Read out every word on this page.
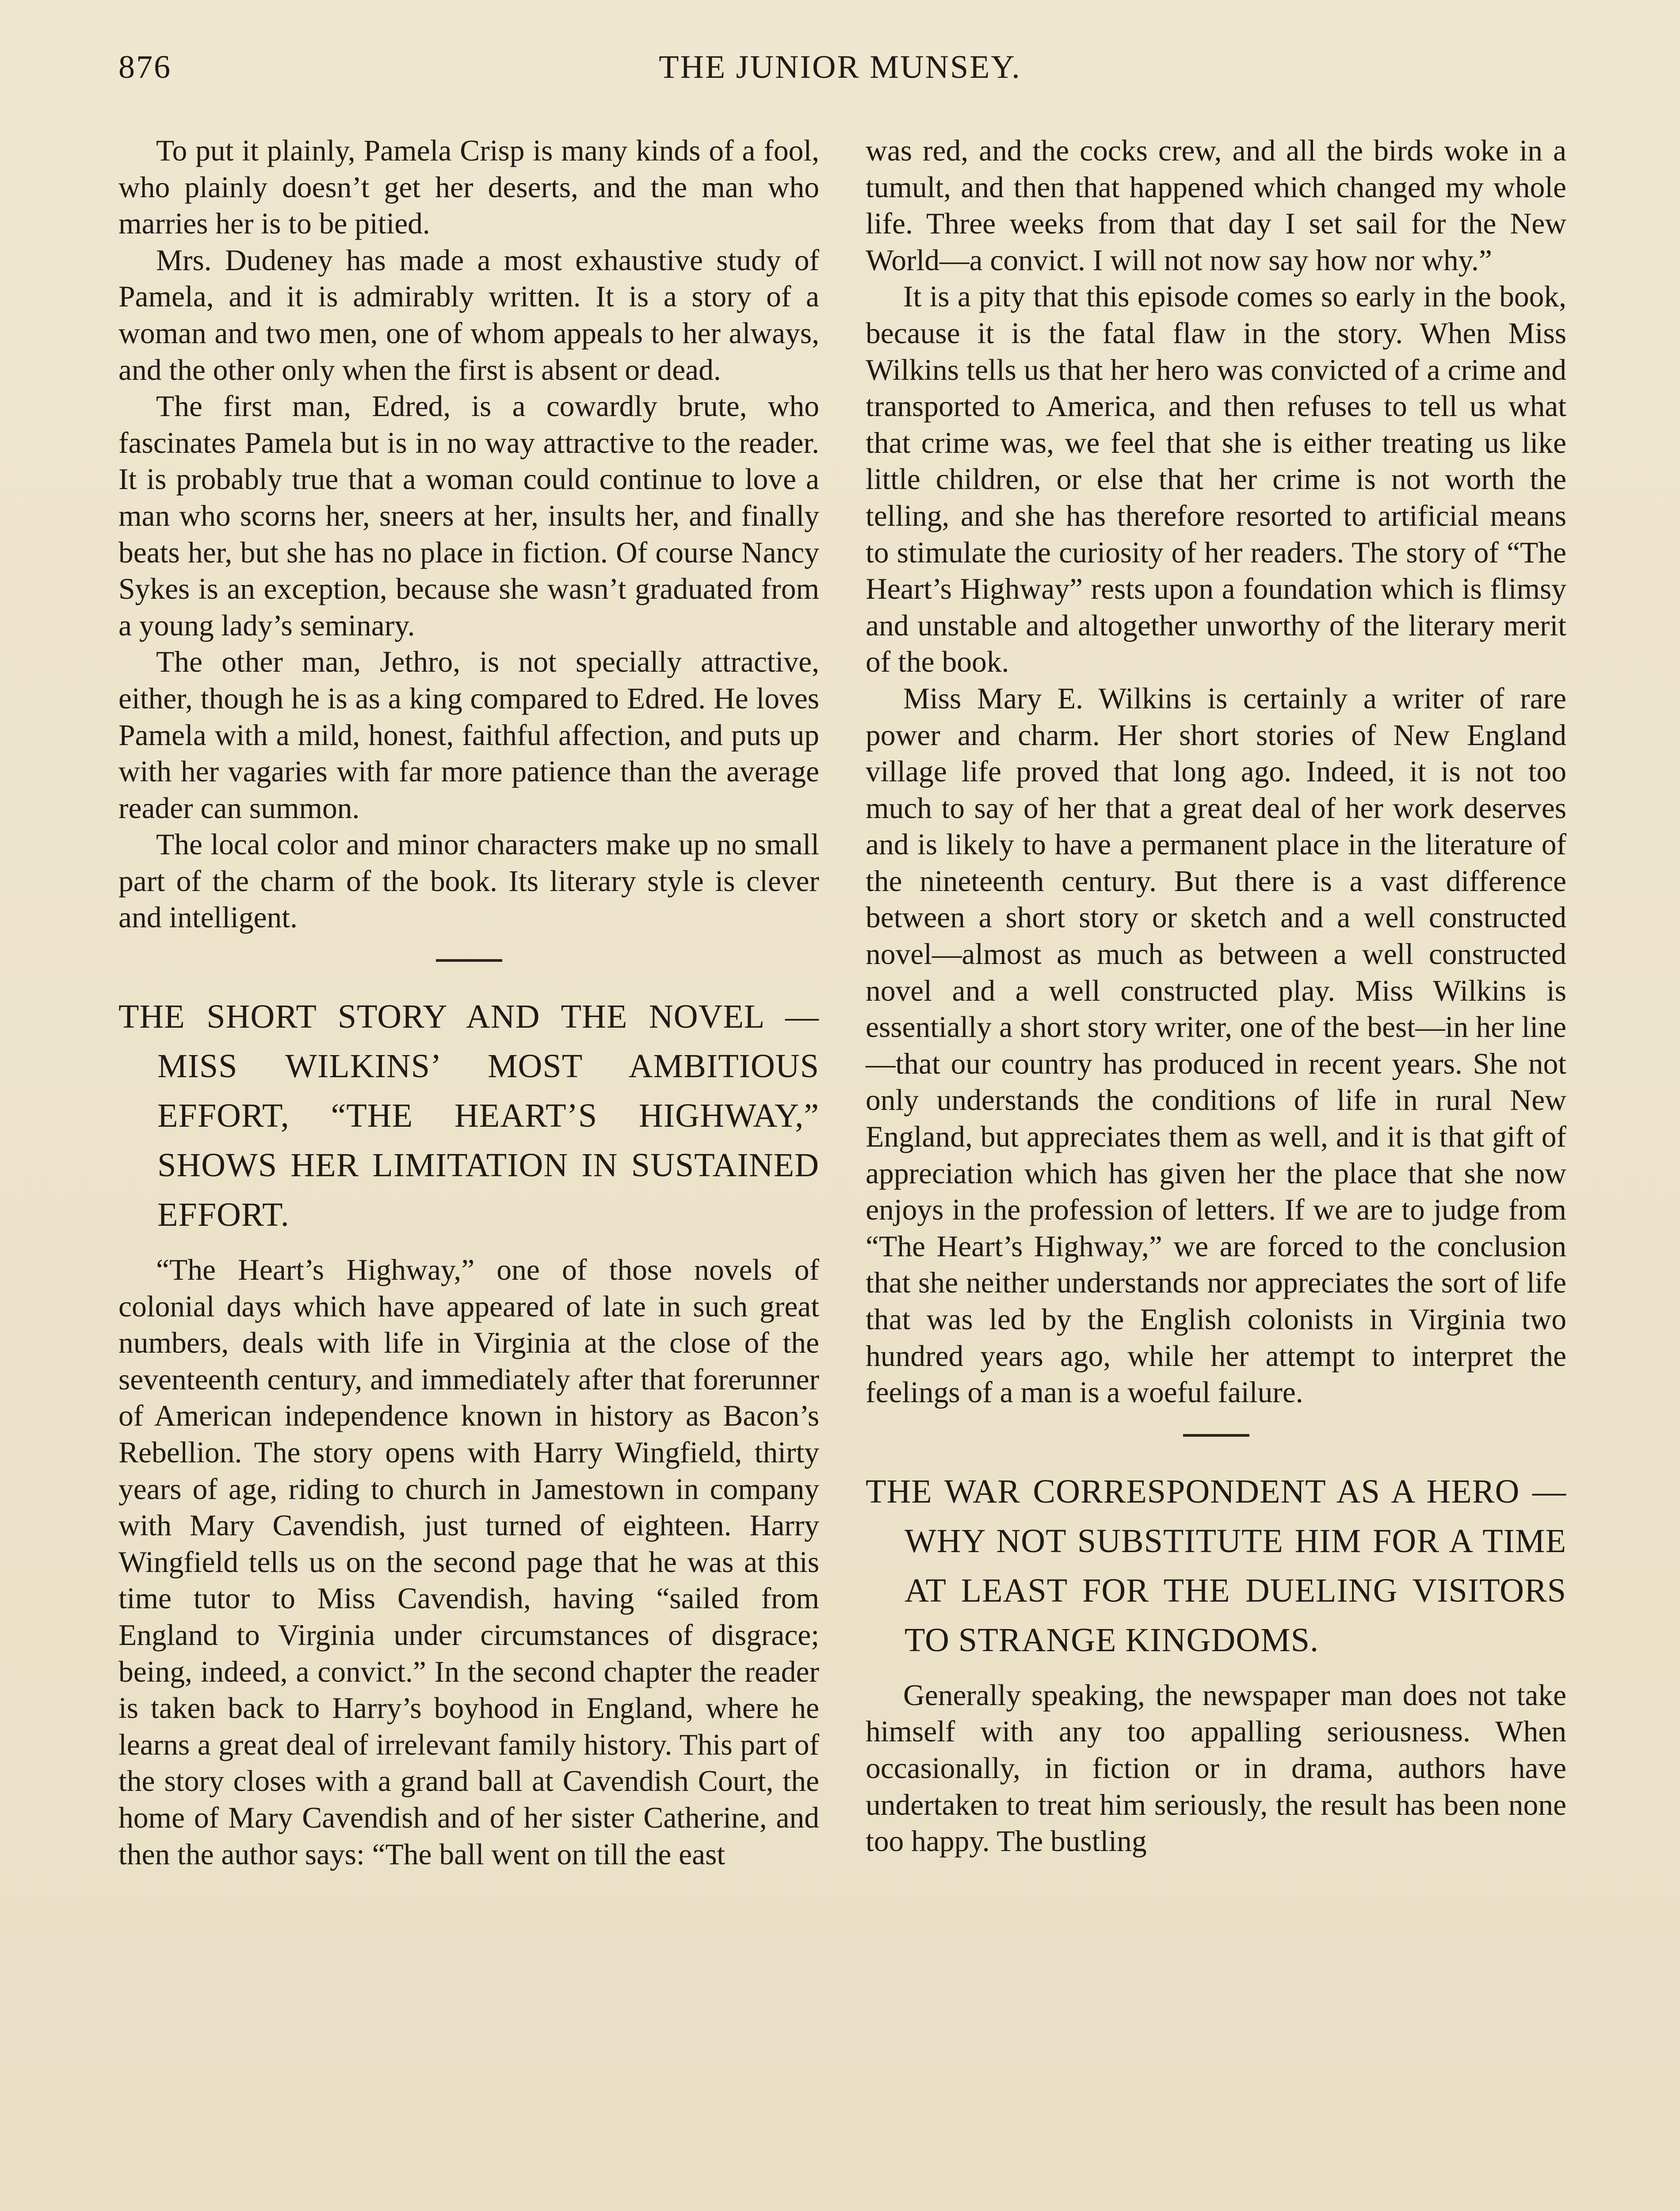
876	THE JUNIOR MUNSEY.

To put it plainly, Pamela Crisp is many kinds of a fool, who plainly doesn’t get her deserts, and the man who marries her is to be pitied.

Mrs. Dudeney has made a most exhaustive study of Pamela, and it is admirably written. It is a story of a woman and two men, one of whom appeals to her always, and the other only when the first is absent or dead.

The first man, Edred, is a cowardly brute, who fascinates Pamela but is in no way attractive to the reader. It is probably true that a woman could continue to love a man who scorns her, sneers at her, insults her, and finally beats her, but she has no place in fiction. Of course Nancy Sykes is an exception, because she wasn’t graduated from a young lady’s seminary.

The other man, Jethro, is not specially attractive, either, though he is as a king compared to Edred. He loves Pamela with a mild, honest, faithful affection, and puts up with her vagaries with far more patience than the average reader can summon.

The local color and minor characters make up no small part of the charm of the book. Its literary style is clever and intelligent.

THE SHORT STORY AND THE NOVEL —MISS WILKINS’ MOST AMBITIOUS EFFORT, “THE HEART’S HIGHWAY,” SHOWS HER LIMITATION IN SUSTAINED EFFORT.

“The Heart’s Highway,” one of those novels of colonial days which have appeared of late in such great numbers, deals with life in Virginia at the close of the seventeenth century, and immediately after that forerunner of American independence known in history as Bacon’s Rebellion. The story opens with Harry Wingfield, thirty years of age, riding to church in Jamestown in company with Mary Cavendish, just turned of eighteen. Harry Wingfield tells us on the second page that he was at this time tutor to Miss Cavendish, having “sailed from England to Virginia under circumstances of disgrace; being, indeed, a convict.” In the second chapter the reader is taken back to Harry’s boyhood in England, where he learns a great deal of irrelevant family history. This part of the story closes with a grand ball at Cavendish Court, the home of Mary Cavendish and of her sister Catherine, and then the author says: “The ball went on till the east

was red, and the cocks crew, and all the birds woke in a tumult, and then that happened which changed my whole life. Three weeks from that day I set sail for the New World—a convict. I will not now say how nor why.”

It is a pity that this episode comes so early in the book, because it is the fatal flaw in the story. When Miss Wilkins tells us that her hero was convicted of a crime and transported to America, and then refuses to tell us what that crime was, we feel that she is either treating us like little children, or else that her crime is not worth the telling, and she has therefore resorted to artificial means to stimulate the curiosity of her readers. The story of “The Heart’s Highway” rests upon a foundation which is flimsy and unstable and altogether unworthy of the literary merit of the book.

Miss Mary E. Wilkins is certainly a writer of rare power and charm. Her short stories of New England village life proved that long ago. Indeed, it is not too much to say of her that a great deal of her work deserves and is likely to have a permanent place in the literature of the nineteenth century. But there is a vast difference between a short story or sketch and a well constructed novel—almost as much as between a well constructed novel and a well constructed play. Miss Wilkins is essentially a short story writer, one of the best—in her line—that our country has produced in recent years. She not only understands the conditions of life in rural New England, but appreciates them as well, and it is that gift of appreciation which has given her the place that she now enjoys in the profession of letters. If we are to judge from “The Heart’s Highway,” we are forced to the conclusion that she neither understands nor appreciates the sort of life that was led by the English colonists in Virginia two hundred years ago, while her attempt to interpret the feelings of a man is a woeful failure.

THE WAR CORRESPONDENT AS A HERO — WHY NOT SUBSTITUTE HIM FOR A TIME AT LEAST FOR THE DUELING VISITORS TO STRANGE KINGDOMS.

Generally speaking, the newspaper man does not take himself with any too appalling seriousness. When occasionally, in fiction or in drama, authors have undertaken to treat him seriously, the result has been none too happy. The bustling
